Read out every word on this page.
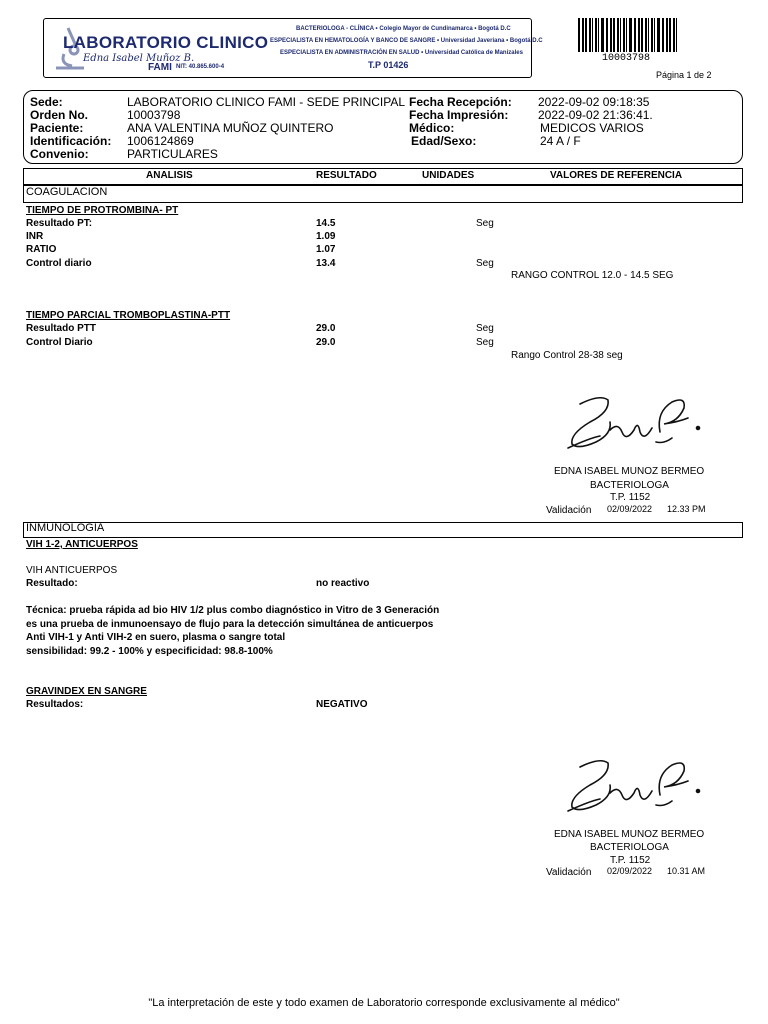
LABORATORIO CLINICO
Edna Isabel Muñoz B.
FAMI NIT: 40.865.600-4
BACTERIOLOGA - CLÍNICA • Colegio Mayor de Cundinamarca • Bogotá D.C
ESPECIALISTA EN HEMATOLOGÍA Y BANCO DE SANGRE • Universidad Javeriana • Bogotá D.C
ESPECIALISTA EN ADMINISTRACIÓN EN SALUD • Universidad Católica de Manizales
T.P 01426
10003798
Página 1 de 2
Sede:	LABORATORIO CLINICO FAMI - SEDE PRINCIPAL
Orden No.	10003798
Paciente:	ANA VALENTINA MUÑOZ QUINTERO
Identificación: 1006124869
Convenio:	PARTICULARES
Fecha Recepción: 2022-09-02 09:18:35
Fecha Impresión: 2022-09-02 21:36:41.
Médico:	MEDICOS VARIOS
Edad/Sexo:	24 A / F
ANALISIS	RESULTADO	UNIDADES	VALORES DE REFERENCIA
COAGULACION
TIEMPO DE PROTROMBINA- PT
Resultado PT:	14.5	Seg
INR	1.09
RATIO	1.07
Control diario	13.4	Seg
RANGO CONTROL 12.0 - 14.5 SEG
TIEMPO PARCIAL TROMBOPLASTINA-PTT
Resultado PTT	29.0	Seg
Control Diario	29.0	Seg
Rango Control 28-38 seg
EDNA ISABEL MUNOZ BERMEO
BACTERIOLOGA
T.P. 1152
Validación 02/09/2022 12.33 PM
INMUNOLOGIA
VIH 1-2, ANTICUERPOS
VIH ANTICUERPOS
Resultado:	no reactivo
Técnica: prueba rápida ad bio HIV 1/2 plus combo diagnóstico in Vitro de 3 Generación
es una prueba de inmunoensayo de flujo para la detección simultánea de anticuerpos
Anti VIH-1 y Anti VIH-2 en suero, plasma o sangre total
sensibilidad: 99.2 - 100% y especificidad: 98.8-100%
GRAVINDEX EN SANGRE
Resultados:	NEGATIVO
EDNA ISABEL MUNOZ BERMEO
BACTERIOLOGA
T.P. 1152
Validación 02/09/2022 10.31 AM
"La interpretación de este y todo examen de Laboratorio corresponde exclusivamente al médico"
